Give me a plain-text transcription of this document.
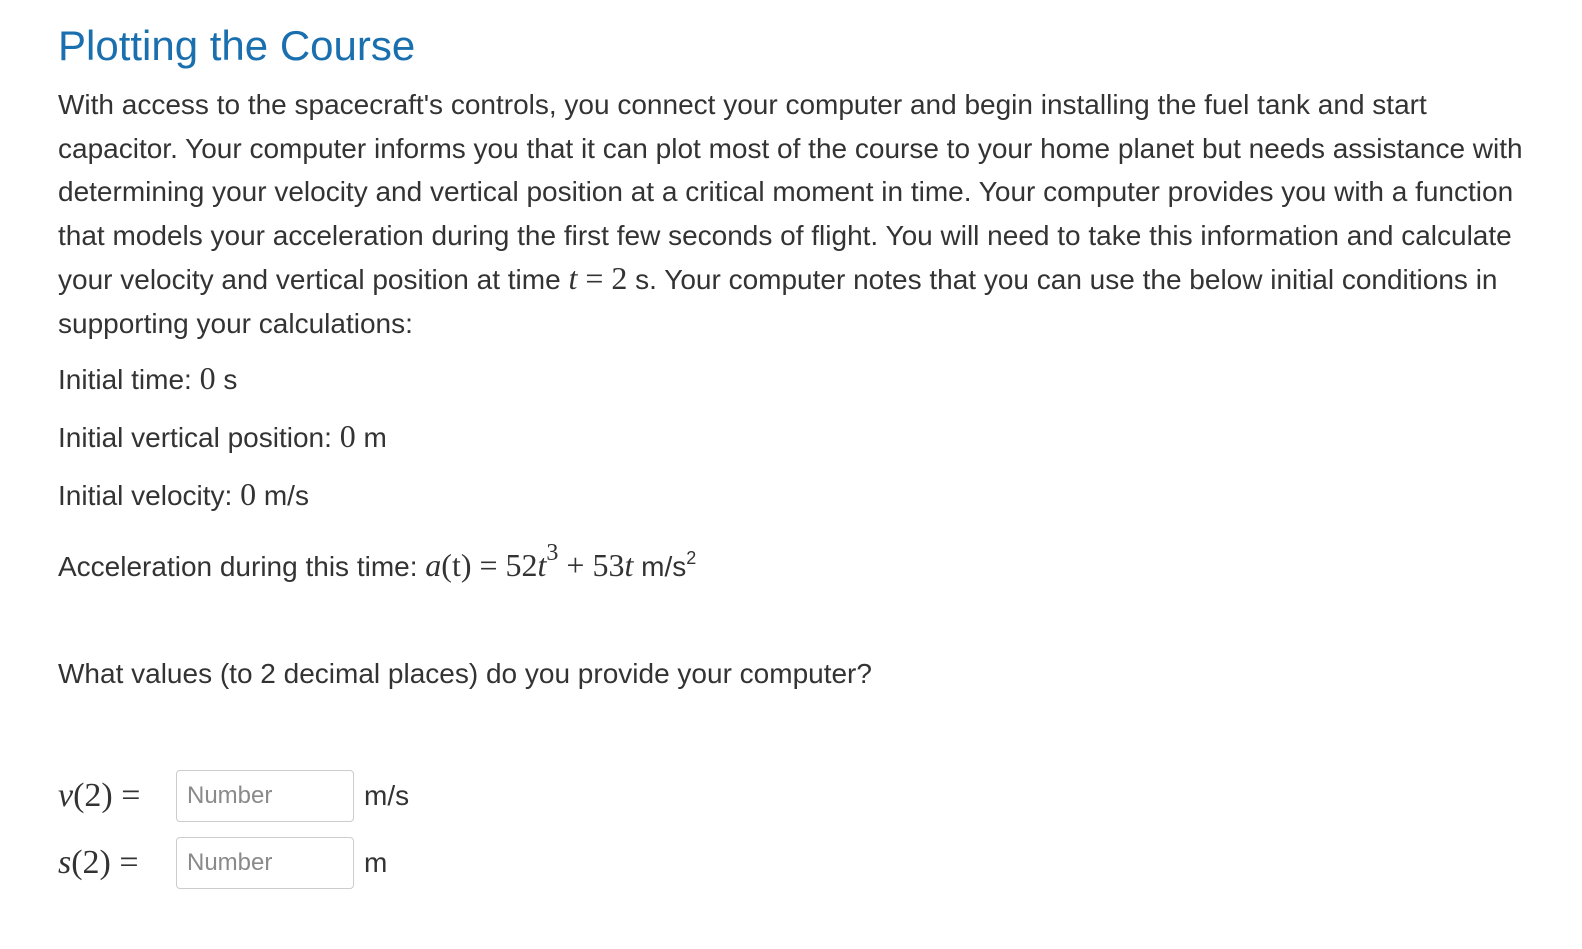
Plotting the Course

With access to the spacecraft's controls, you connect your computer and begin installing the fuel tank and start capacitor. Your computer informs you that it can plot most of the course to your home planet but needs assistance with determining your velocity and vertical position at a critical moment in time. Your computer provides you with a function that models your acceleration during the first few seconds of flight. You will need to take this information and calculate your velocity and vertical position at time t = 2 s. Your computer notes that you can use the below initial conditions in supporting your calculations:

Initial time: 0 s
Initial vertical position: 0 m
Initial velocity: 0 m/s
Acceleration during this time: $a(t) = 52t^3 + 53t$ $m/s^2$
What values (to 2 decimal places) do you provide your computer?
v(2) =
Number	m/s
s(2) =
Number	m
